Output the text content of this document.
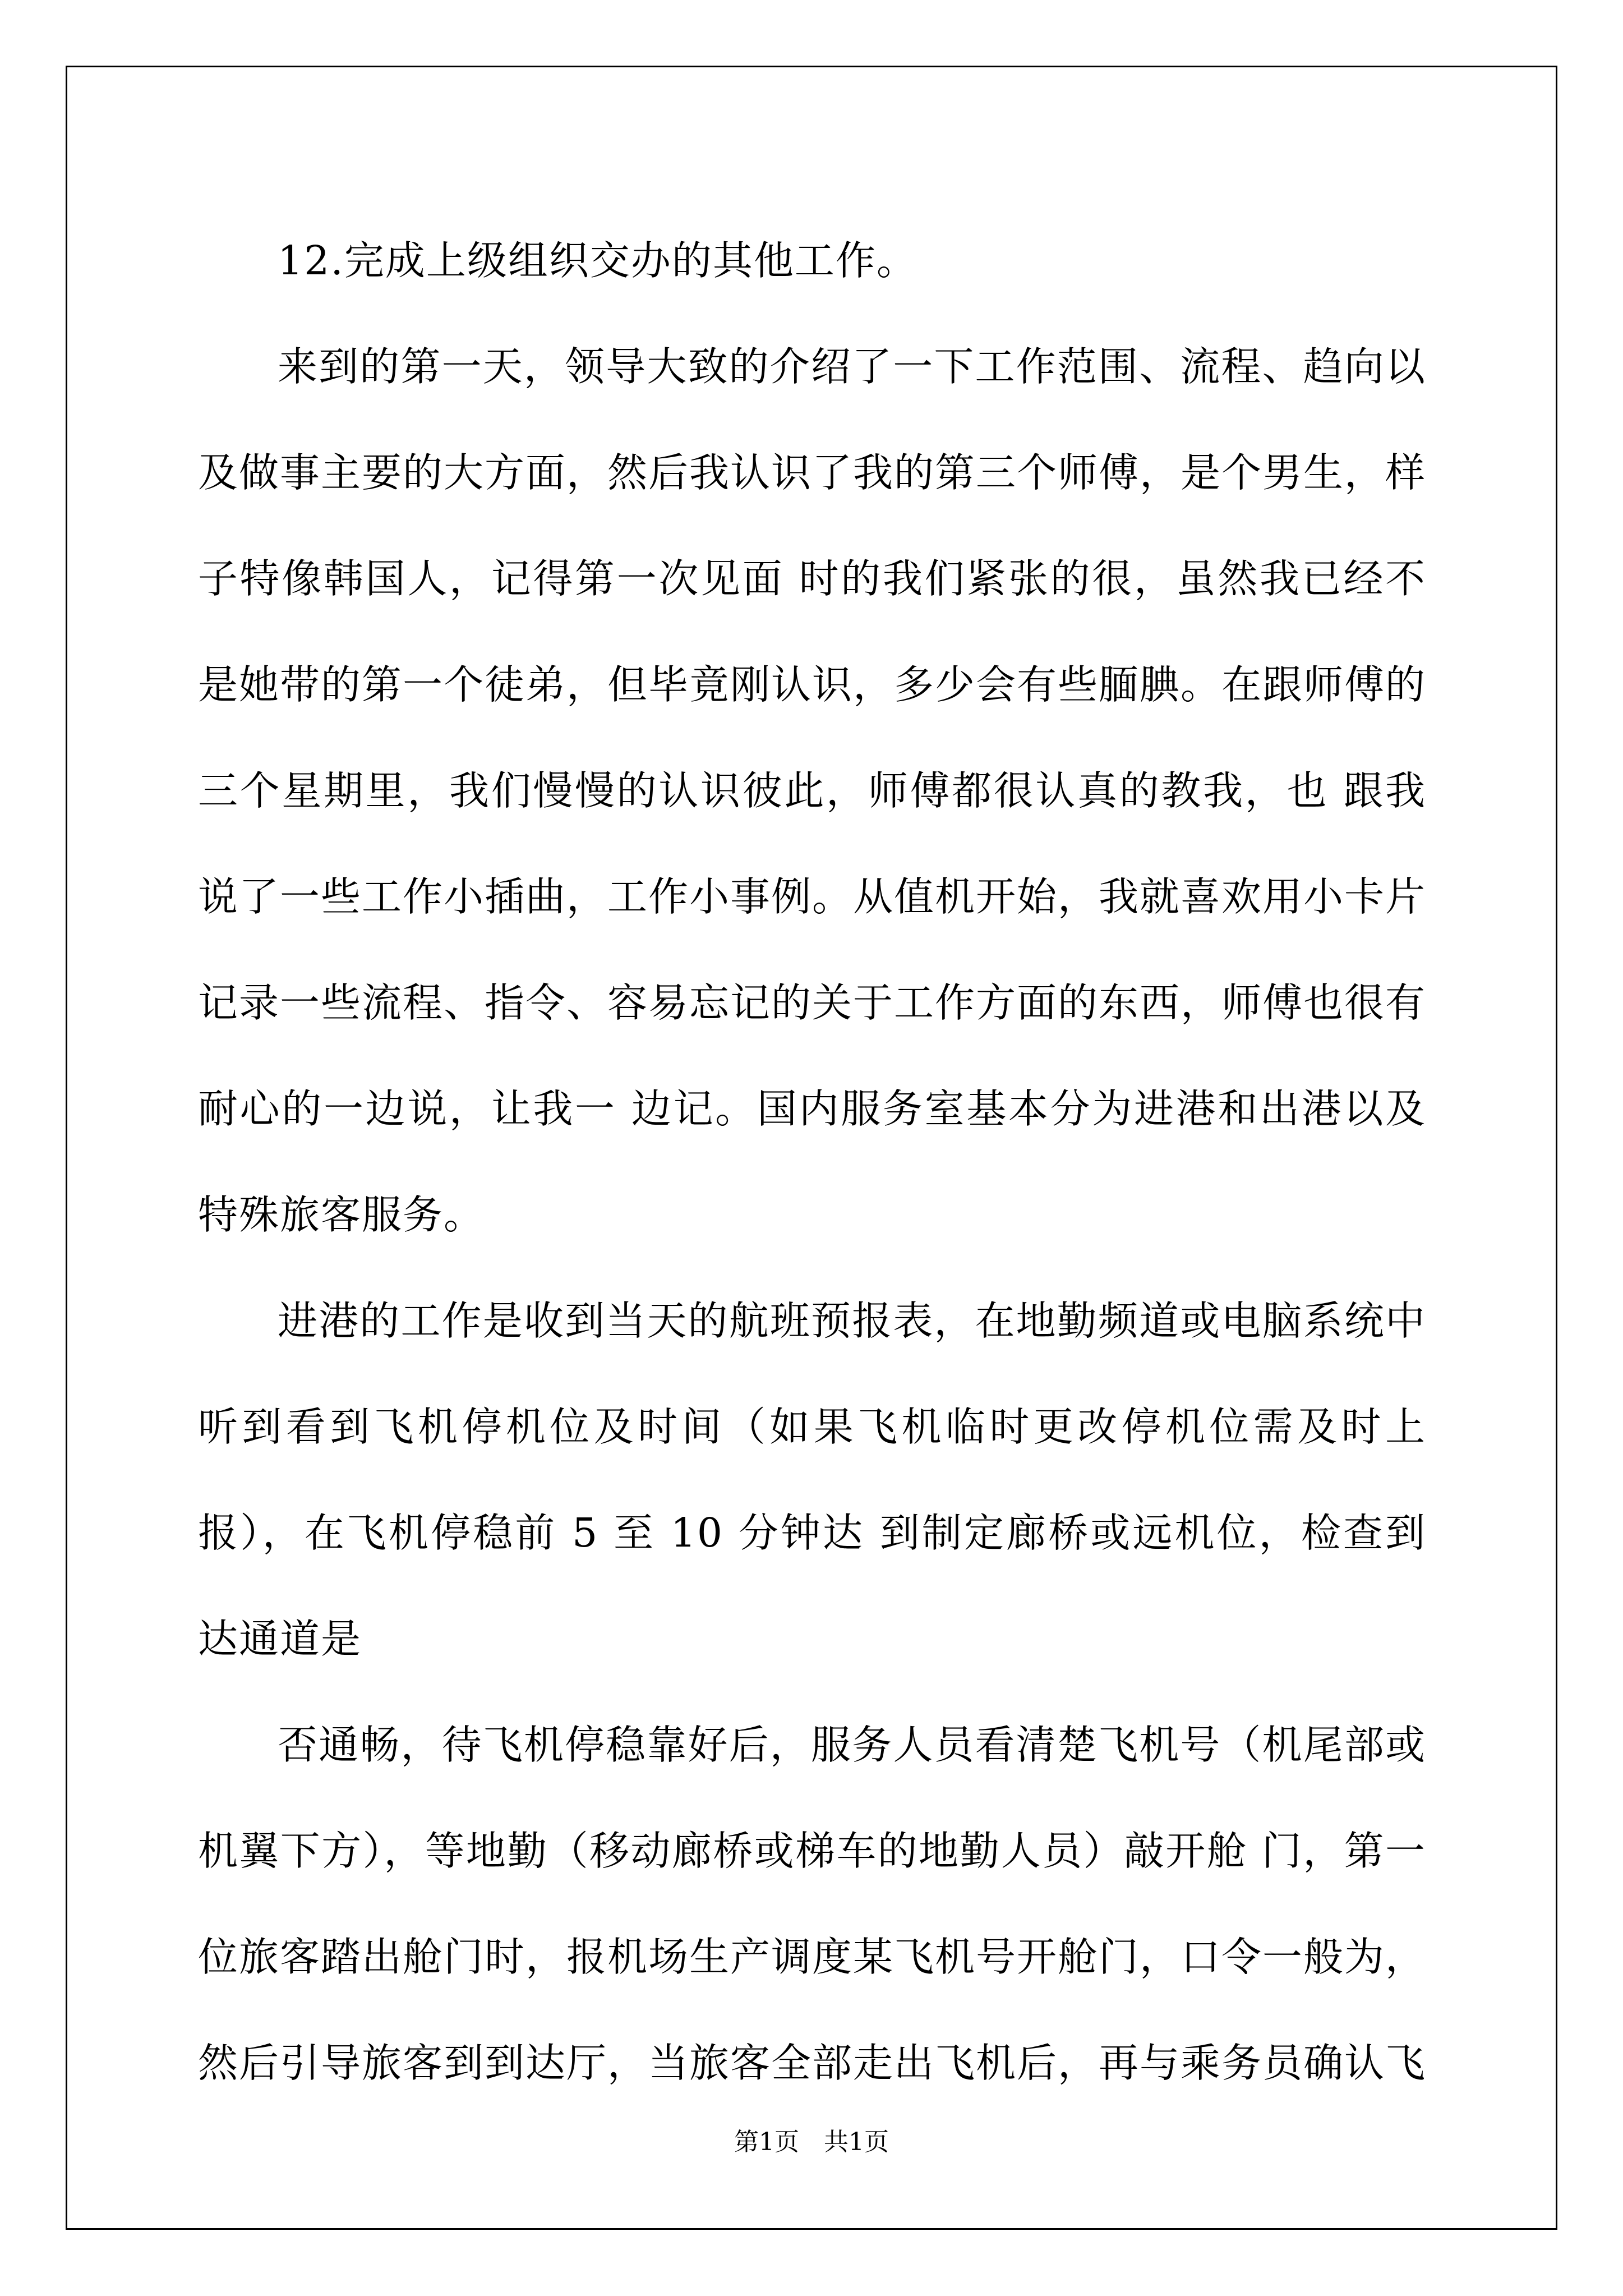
12.完成上级组织交办的其他工作。

来到的第一天，领导大致的介绍了一下工作范围、流程、趋向以及做事主要的大方面，然后我认识了我的第三个师傅，是个男生，样子特像韩国人，记得第一次见面 时的我们紧张的很，虽然我已经不是她带的第一个徒弟，但毕竟刚认识，多少会有些腼腆。在跟师傅的三个星期里，我们慢慢的认识彼此，师傅都很认真的教我，也 跟我说了一些工作小插曲，工作小事例。从值机开始，我就喜欢用小卡片记录一些流程、指令、容易忘记的关于工作方面的东西，师傅也很有耐心的一边说，让我一 边记。国内服务室基本分为进港和出港以及特殊旅客服务。

进港的工作是收到当天的航班预报表，在地勤频道或电脑系统中听到看到飞机停机位及时间（如果飞机临时更改停机位需及时上报），在飞机停稳前 5 至 10 分钟达 到制定廊桥或远机位，检查到达通道是

否通畅，待飞机停稳靠好后，服务人员看清楚飞机号（机尾部或机翼下方），等地勤（移动廊桥或梯车的地勤人员）敲开舱 门，第一位旅客踏出舱门时，报机场生产调度某飞机号开舱门，口令一般为，然后引导旅客到到达厅，当旅客全部走出飞机后，再与乘务员确认飞

第1页　共1页
